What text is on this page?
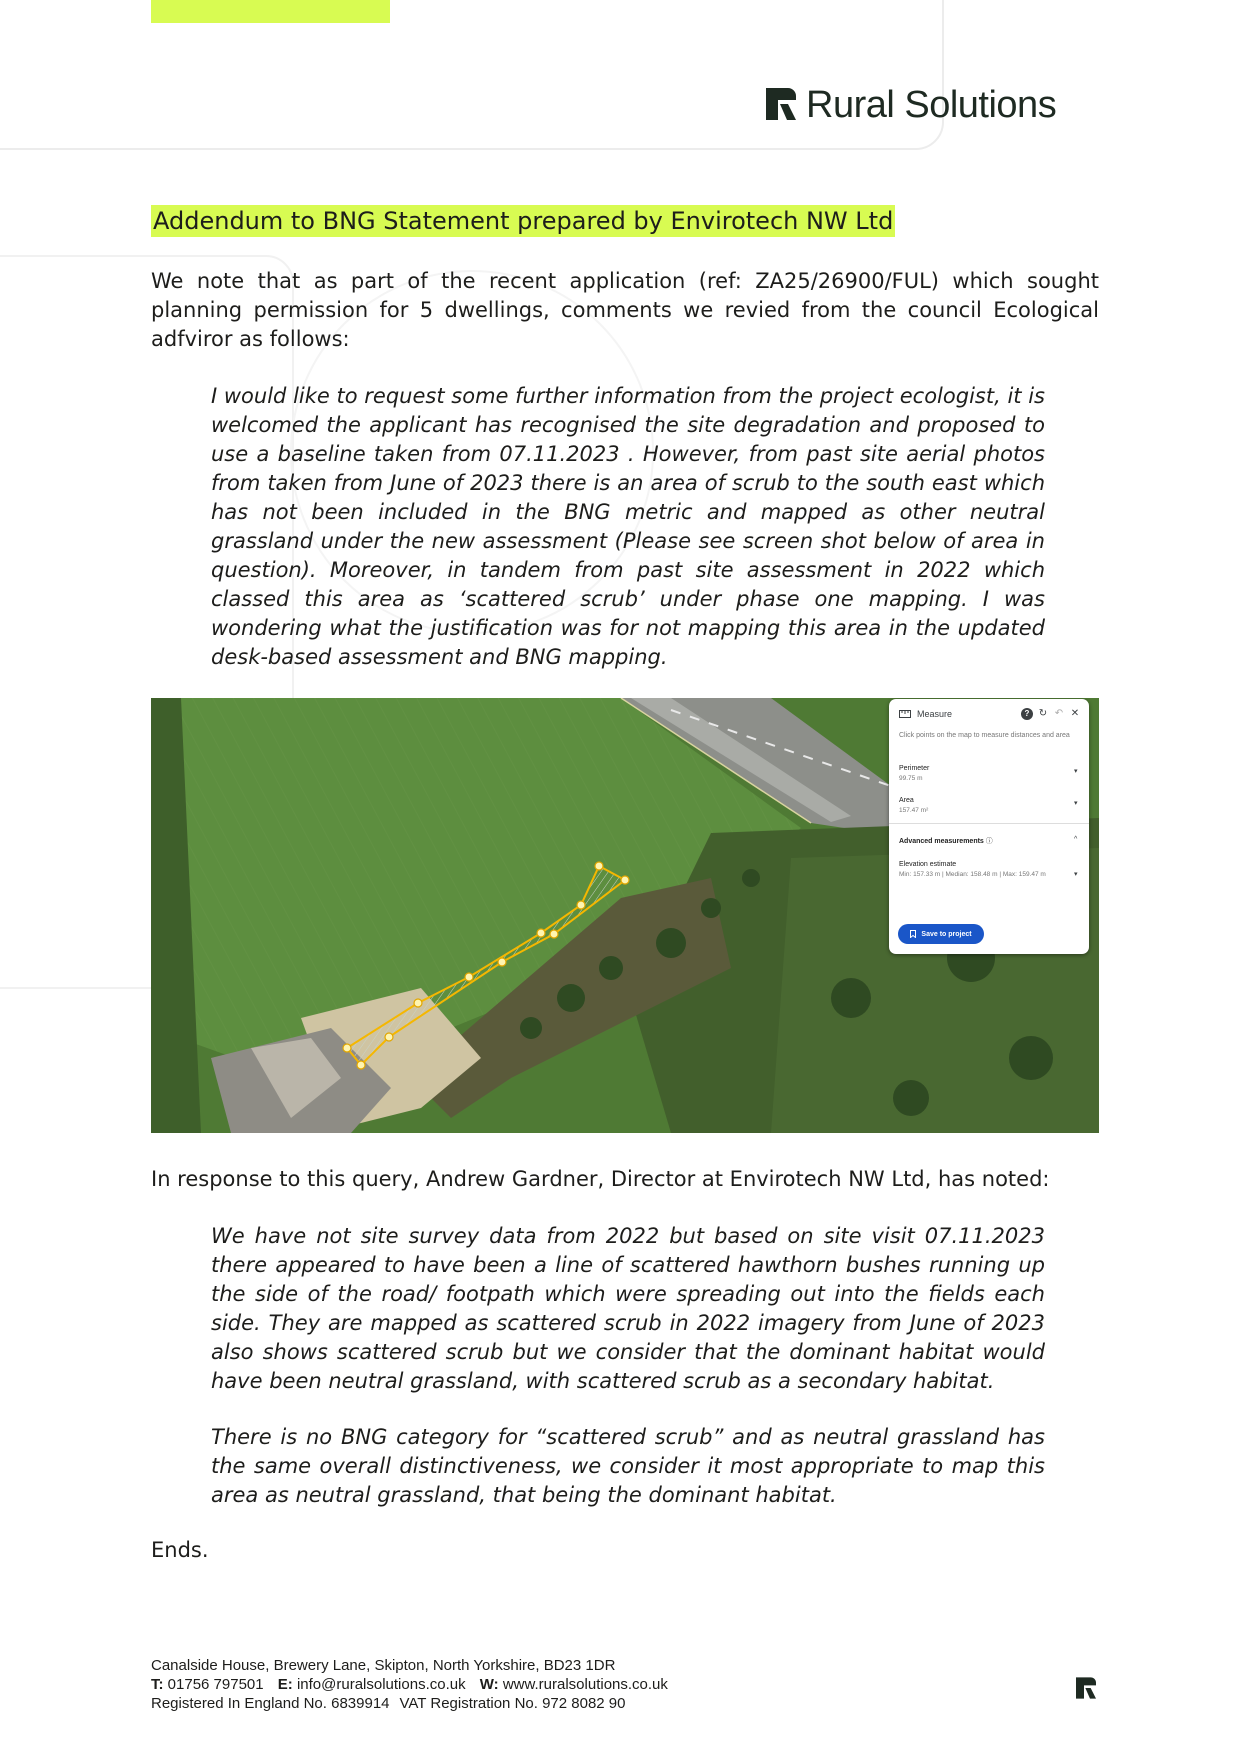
Rural Solutions
Addendum to BNG Statement prepared by Envirotech NW Ltd

We note that as part of the recent application (ref: ZA25/26900/FUL) which sought planning permission for 5 dwellings, comments we revied from the council Ecological adfviror as follows:

I would like to request some further information from the project ecologist, it is welcomed the applicant has recognised the site degradation and proposed to use a baseline taken from 07.11.2023 . However, from past site aerial photos from taken from June of 2023 there is an area of scrub to the south east which has not been included in the BNG metric and mapped as other neutral grassland under the new assessment (Please see screen shot below of area in question). Moreover, in tandem from past site assessment in 2022 which classed this area as ‘scattered scrub’ under phase one mapping. I was wondering what the justification was for not mapping this area in the updated desk-based assessment and BNG mapping.

Measure	? ↻ ↶ ✕
Click points on the map to measure distances and area
Perimeter
99.75 m
▾
Area
157.47 m²
▾
Advanced measurements ⓘ	^
Elevation estimate
Min: 157.33 m | Median: 158.48 m | Max: 159.47 m	▾
Save to project

In response to this query, Andrew Gardner, Director at Envirotech NW Ltd, has noted:

We have not site survey data from 2022 but based on site visit 07.11.2023 there appeared to have been a line of scattered hawthorn bushes running up the side of the road/ footpath which were spreading out into the fields each side. They are mapped as scattered scrub in 2022 imagery from June of 2023 also shows scattered scrub but we consider that the dominant habitat would have been neutral grassland, with scattered scrub as a secondary habitat.

There is no BNG category for “scattered scrub” and as neutral grassland has the same overall distinctiveness, we consider it most appropriate to map this area as neutral grassland, that being the dominant habitat.

Ends.
Canalside House, Brewery Lane, Skipton, North Yorkshire, BD23 1DR
T: 01756 797501 E: info@ruralsolutions.co.uk W: www.ruralsolutions.co.uk
Registered In England No. 6839914 VAT Registration No. 972 8082 90
